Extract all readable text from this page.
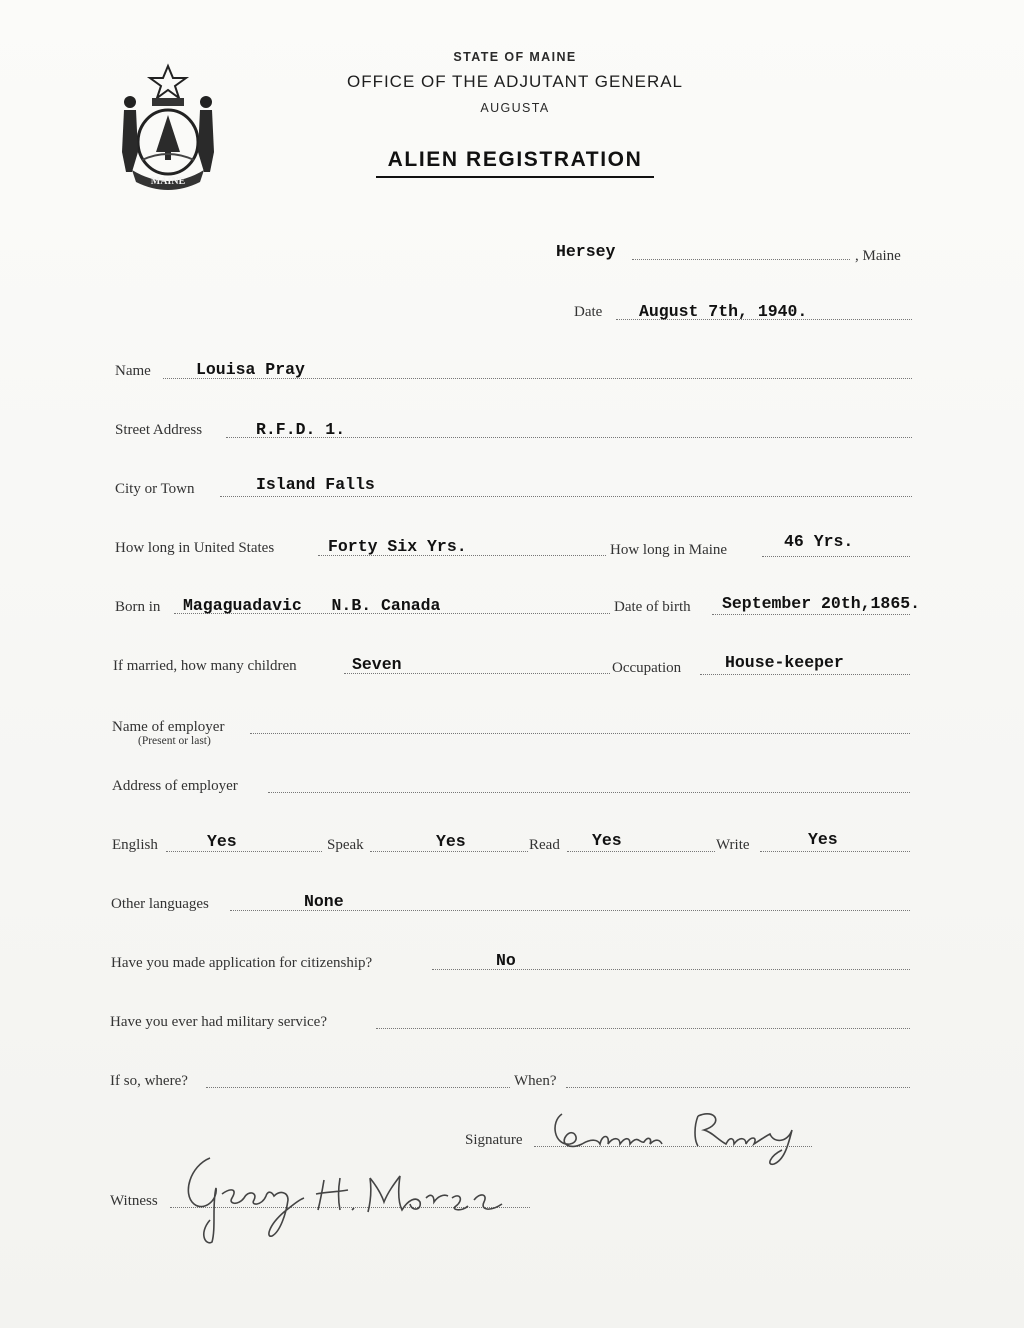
MAINE
STATE OF MAINE
OFFICE OF THE ADJUTANT GENERAL
AUGUSTA
ALIEN REGISTRATION
Hersey	, Maine
Date August 7th, 1940.
Name	Louisa Pray
Street Address	R.F.D. 1.
City or Town	Island Falls
How long in United States	Forty Six Yrs.	How long in Maine	46 Yrs.
Born in Magaguadavic   N.B. Canada	Date of birth September 20th,1865.
If married, how many children	Seven	Occupation	House-keeper
Name of employer
(Present or last)
Address of employer
English	Yes	Speak	Yes	Read Yes	Write	Yes
Other languages	None
Have you made application for citizenship?	No
Have you ever had military service?
If so, where?	When?
Signature
Witness
